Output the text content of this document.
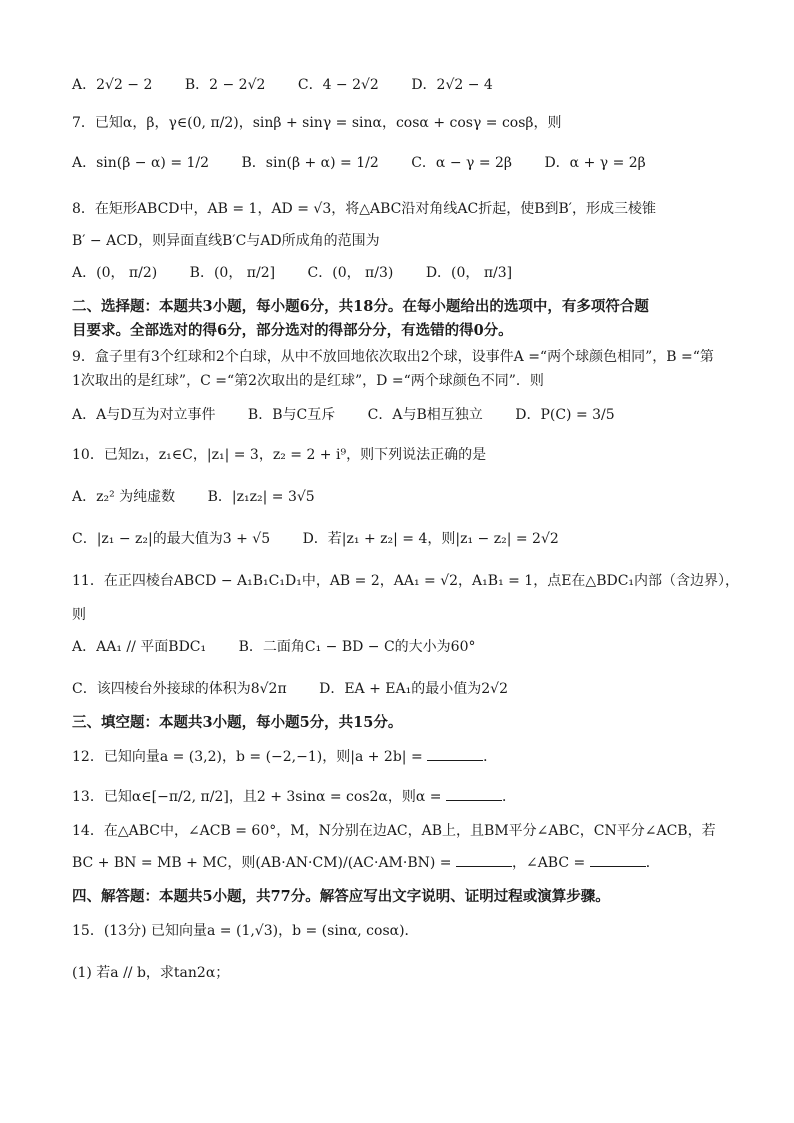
A．2√2 − 2 B．2 − 2√2 C．4 − 2√2 D．2√2 − 4
7．已知α，β，γ∈(0, π/2)，sinβ + sinγ = sinα，cosα + cosγ = cosβ，则
A．sin(β − α) = 1/2 B．sin(β + α) = 1/2 C．α − γ = 2β D．α + γ = 2β
8．在矩形ABCD中，AB = 1，AD = √3，将△ABC沿对角线AC折起，使B到B′，形成三棱锥
B′ − ACD，则异面直线B′C与AD所成角的范围为
A．(0， π/2) B．(0， π/2] C．(0， π/3) D．(0， π/3]
二、选择题：本题共3小题，每小题6分，共18分。在每小题给出的选项中，有多项符合题
目要求。全部选对的得6分，部分选对的得部分分，有选错的得0分。
9．盒子里有3个红球和2个白球，从中不放回地依次取出2个球，设事件A =“两个球颜色相同”，B =“第
1次取出的是红球”，C =“第2次取出的是红球”，D =“两个球颜色不同”．则
A．A与D互为对立事件 B．B与C互斥 C．A与B相互独立 D．P(C) = 3/5
10．已知z₁，z₁∈C，|z₁| = 3，z₂ = 2 + i⁹，则下列说法正确的是
A．z₂² 为纯虚数 B．|z₁z₂| = 3√5
C．|z₁ − z₂|的最大值为3 + √5 D．若|z₁ + z₂| = 4，则|z₁ − z₂| = 2√2
11．在正四棱台ABCD − A₁B₁C₁D₁中，AB = 2，AA₁ = √2，A₁B₁ = 1，点E在△BDC₁内部（含边界），
则
A．AA₁ // 平面BDC₁ B．二面角C₁ − BD − C的大小为60°
C．该四棱台外接球的体积为8√2π D．EA + EA₁的最小值为2√2
三、填空题：本题共3小题，每小题5分，共15分。
12．已知向量a = (3,2)，b = (−2,−1)，则|a + 2b| =	．
13．已知α∈[−π/2, π/2]，且2 + 3sinα = cos2α，则α =	．
14．在△ABC中，∠ACB = 60°，M，N分别在边AC，AB上，且BM平分∠ABC，CN平分∠ACB，若
BC + BN = MB + MC，则(AB·AN·CM)/(AC·AM·BN) =	，∠ABC =	．
四、解答题：本题共5小题，共77分。解答应写出文字说明、证明过程或演算步骤。
15．(13分) 已知向量a = (1,√3)，b = (sinα, cosα)．
(1) 若a // b，求tan2α；
